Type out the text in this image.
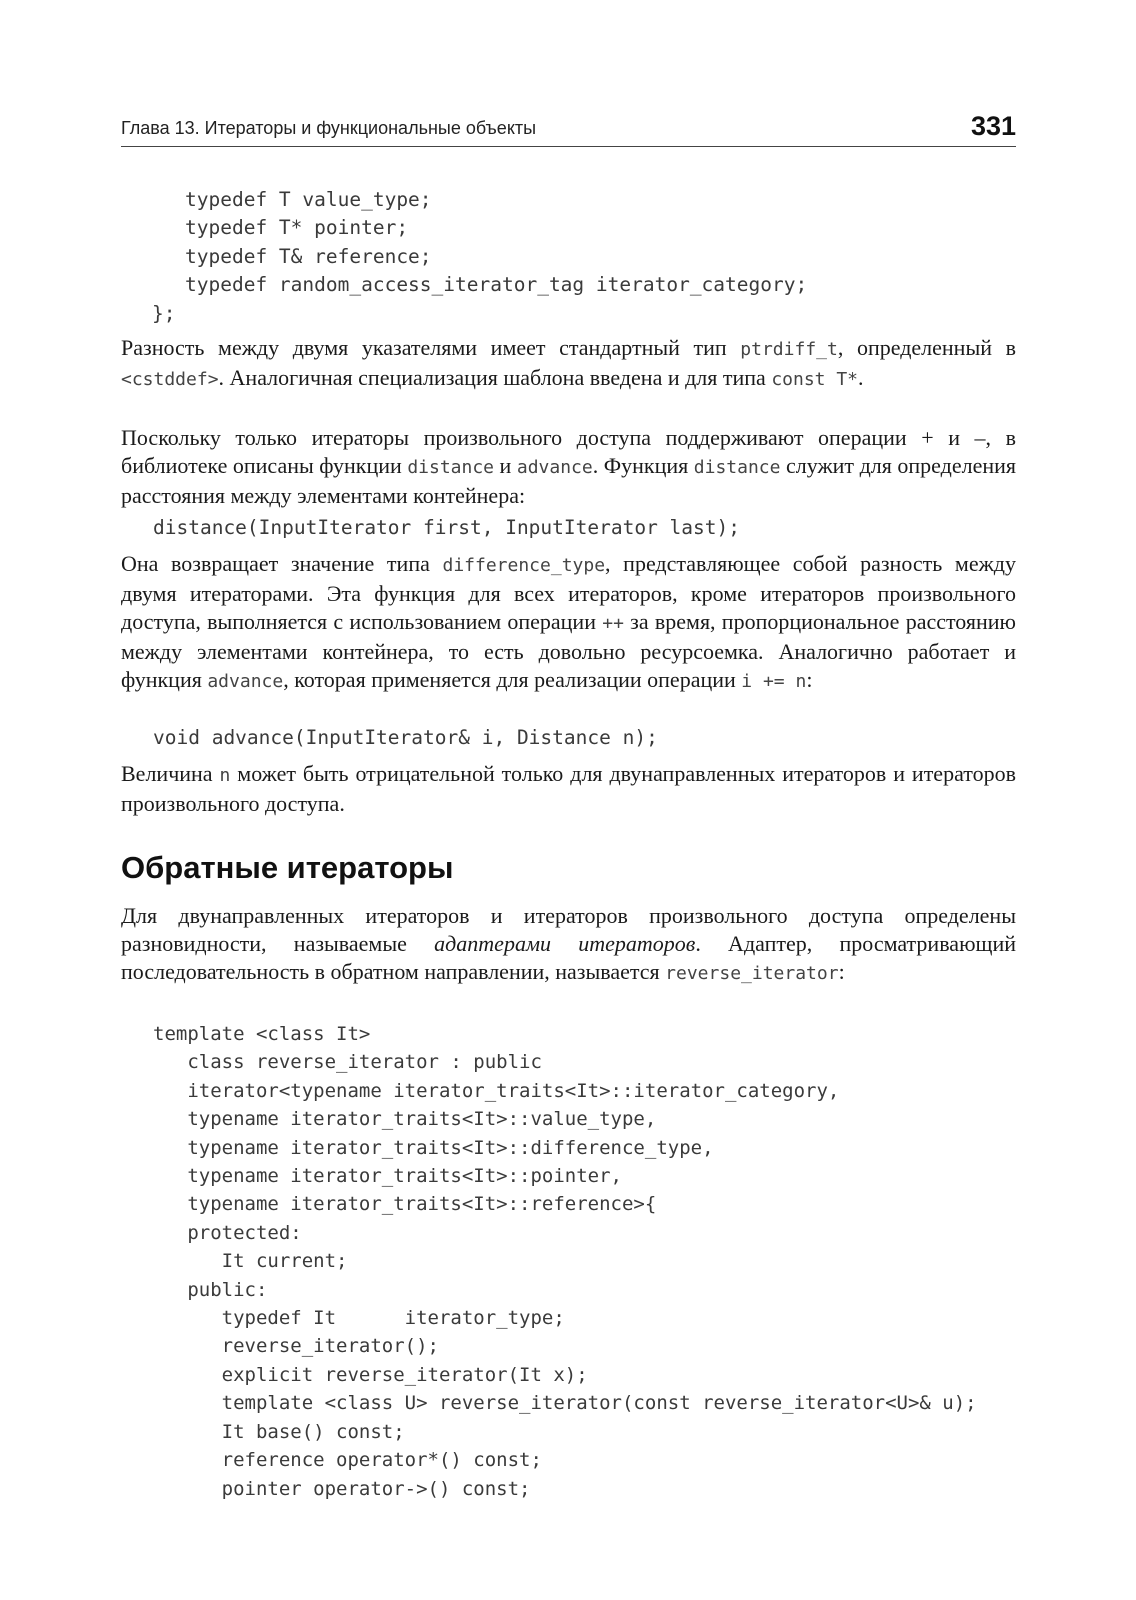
Глава 13. Итераторы и функциональные объекты	331
typedef T value_type;
typedef T* pointer;
typedef T& reference;
typedef random_access_iterator_tag iterator_category;
};

Разность между двумя указателями имеет стандартный тип ptrdiff_t, определенный в <cstddef>. Аналогичная специализация шаблона введена и для типа const T*.

Поскольку только итераторы произвольного доступа поддерживают операции + и –, в библиотеке описаны функции distance и advance. Функция distance служит для определения расстояния между элементами контейнера:

distance(InputIterator first, InputIterator last);

Она возвращает значение типа difference_type, представляющее собой разность между двумя итераторами. Эта функция для всех итераторов, кроме итераторов произвольного доступа, выполняется с использованием операции ++ за время, пропорциональное расстоянию между элементами контейнера, то есть довольно ресурсоемка. Аналогично работает и функция advance, которая применяется для реализации операции i += n:

void advance(InputIterator& i, Distance n);

Величина n может быть отрицательной только для двунаправленных итераторов и итераторов произвольного доступа.

Обратные итераторы

Для двунаправленных итераторов и итераторов произвольного доступа определены разновидности, называемые адаптерами итераторов. Адаптер, просматривающий последовательность в обратном направлении, называется reverse_iterator:

template <class It>
class reverse_iterator : public
iterator<typename iterator_traits<It>::iterator_category,
typename iterator_traits<It>::value_type,
typename iterator_traits<It>::difference_type,
typename iterator_traits<It>::pointer,
typename iterator_traits<It>::reference>{
protected:
It current;
public:
typedef It      iterator_type;
reverse_iterator();
explicit reverse_iterator(It x);
template <class U> reverse_iterator(const reverse_iterator<U>& u);
It base() const;
reference operator*() const;
pointer operator->() const;
